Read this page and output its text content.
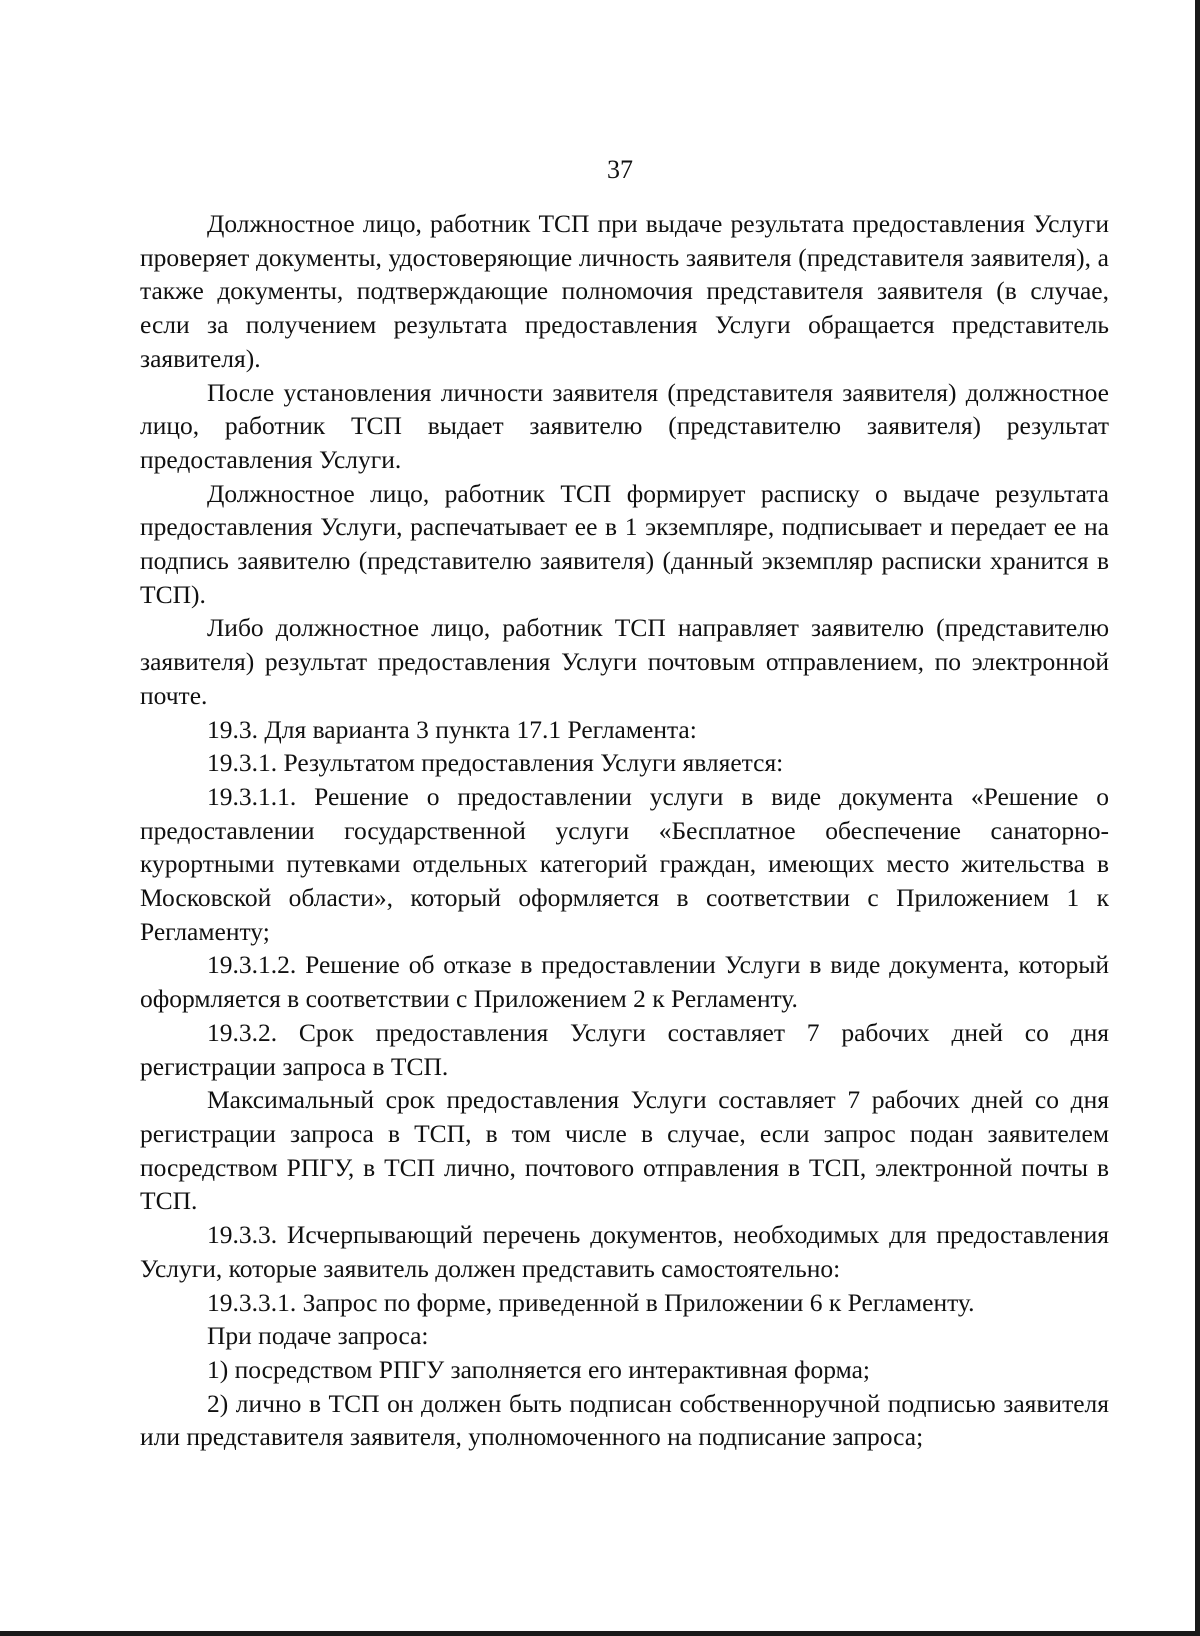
37

Должностное лицо, работник ТСП при выдаче результата предоставления Услуги проверяет документы, удостоверяющие личность заявителя (представителя заявителя), а также документы, подтверждающие полномочия представителя заявителя (в случае, если за получением результата предоставления Услуги обращается представитель заявителя).

После установления личности заявителя (представителя заявителя) должностное лицо, работник ТСП выдает заявителю (представителю заявителя) результат предоставления Услуги.

Должностное лицо, работник ТСП формирует расписку о выдаче результата предоставления Услуги, распечатывает ее в 1 экземпляре, подписывает и передает ее на подпись заявителю (представителю заявителя) (данный экземпляр расписки хранится в ТСП).

Либо должностное лицо, работник ТСП направляет заявителю (представителю заявителя) результат предоставления Услуги почтовым отправлением, по электронной почте.

19.3. Для варианта 3 пункта 17.1 Регламента:

19.3.1. Результатом предоставления Услуги является:

19.3.1.1. Решение о предоставлении услуги в виде документа «Решение о предоставлении государственной услуги «Бесплатное обеспечение санаторно-курортными путевками отдельных категорий граждан, имеющих место жительства в Московской области», который оформляется в соответствии с Приложением 1 к Регламенту;

19.3.1.2. Решение об отказе в предоставлении Услуги в виде документа, который оформляется в соответствии с Приложением 2 к Регламенту.

19.3.2. Срок предоставления Услуги составляет 7 рабочих дней со дня регистрации запроса в ТСП.

Максимальный срок предоставления Услуги составляет 7 рабочих дней со дня регистрации запроса в ТСП, в том числе в случае, если запрос подан заявителем посредством РПГУ, в ТСП лично, почтового отправления в ТСП, электронной почты в ТСП.

19.3.3. Исчерпывающий перечень документов, необходимых для предоставления Услуги, которые заявитель должен представить самостоятельно:

19.3.3.1. Запрос по форме, приведенной в Приложении 6 к Регламенту.

При подаче запроса:

1) посредством РПГУ заполняется его интерактивная форма;

2) лично в ТСП он должен быть подписан собственноручной подписью заявителя или представителя заявителя, уполномоченного на подписание запроса;
